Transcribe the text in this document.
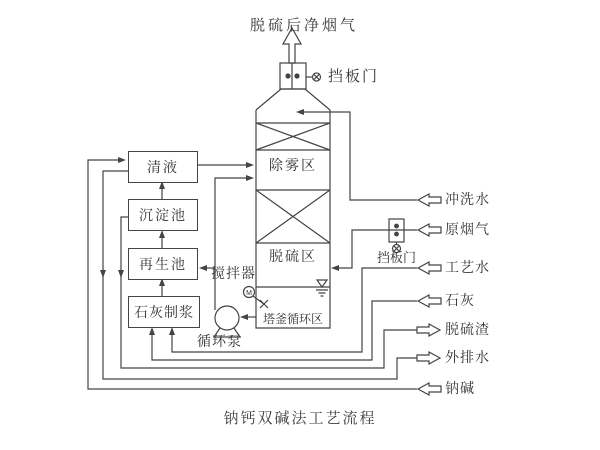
M
清液
沉淀池
再生池
石灰制浆
脱硫后净烟气
挡板门
除雾区
脱硫区
塔釜循环区
搅拌器
循环泵
挡板门
冲洗水
原烟气
工艺水
石灰
脱硫渣
外排水
钠碱
钠钙双碱法工艺流程
